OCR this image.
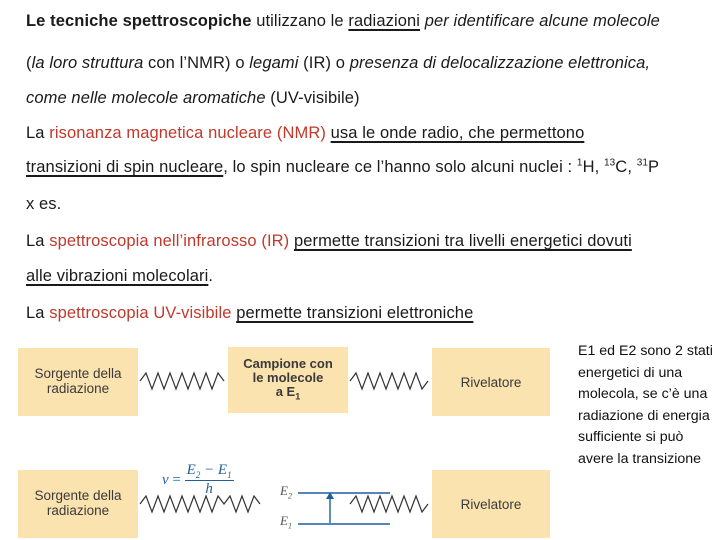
Le tecniche spettroscopiche utilizzano le radiazioni per identificare alcune molecole
(la loro struttura con l’NMR) o legami (IR) o presenza di delocalizzazione elettronica,
come nelle molecole aromatiche (UV-visibile)
La risonanza magnetica nucleare (NMR) usa le onde radio, che permettono
transizioni di spin nucleare, lo spin nucleare ce l’hanno solo alcuni nuclei : $^1$H, $^{13}$C, $^{31}$P
x es.
La spettroscopia nell’infrarosso (IR) permette transizioni tra livelli energetici dovuti
alle vibrazioni molecolari.
La spettroscopia UV-visibile permette transizioni elettroniche
Sorgente della
radiazione
Campione con
le molecole
a $E_1$
Rivelatore
Sorgente della
radiazione	Rivelatore
$\nu = \frac{E_2 - E_1}{h}$	$E_2$
$E_1$
E1 ed E2 sono 2 stati energetici di una molecola, se c’è una radiazione di energia sufficiente si può avere la transizione
